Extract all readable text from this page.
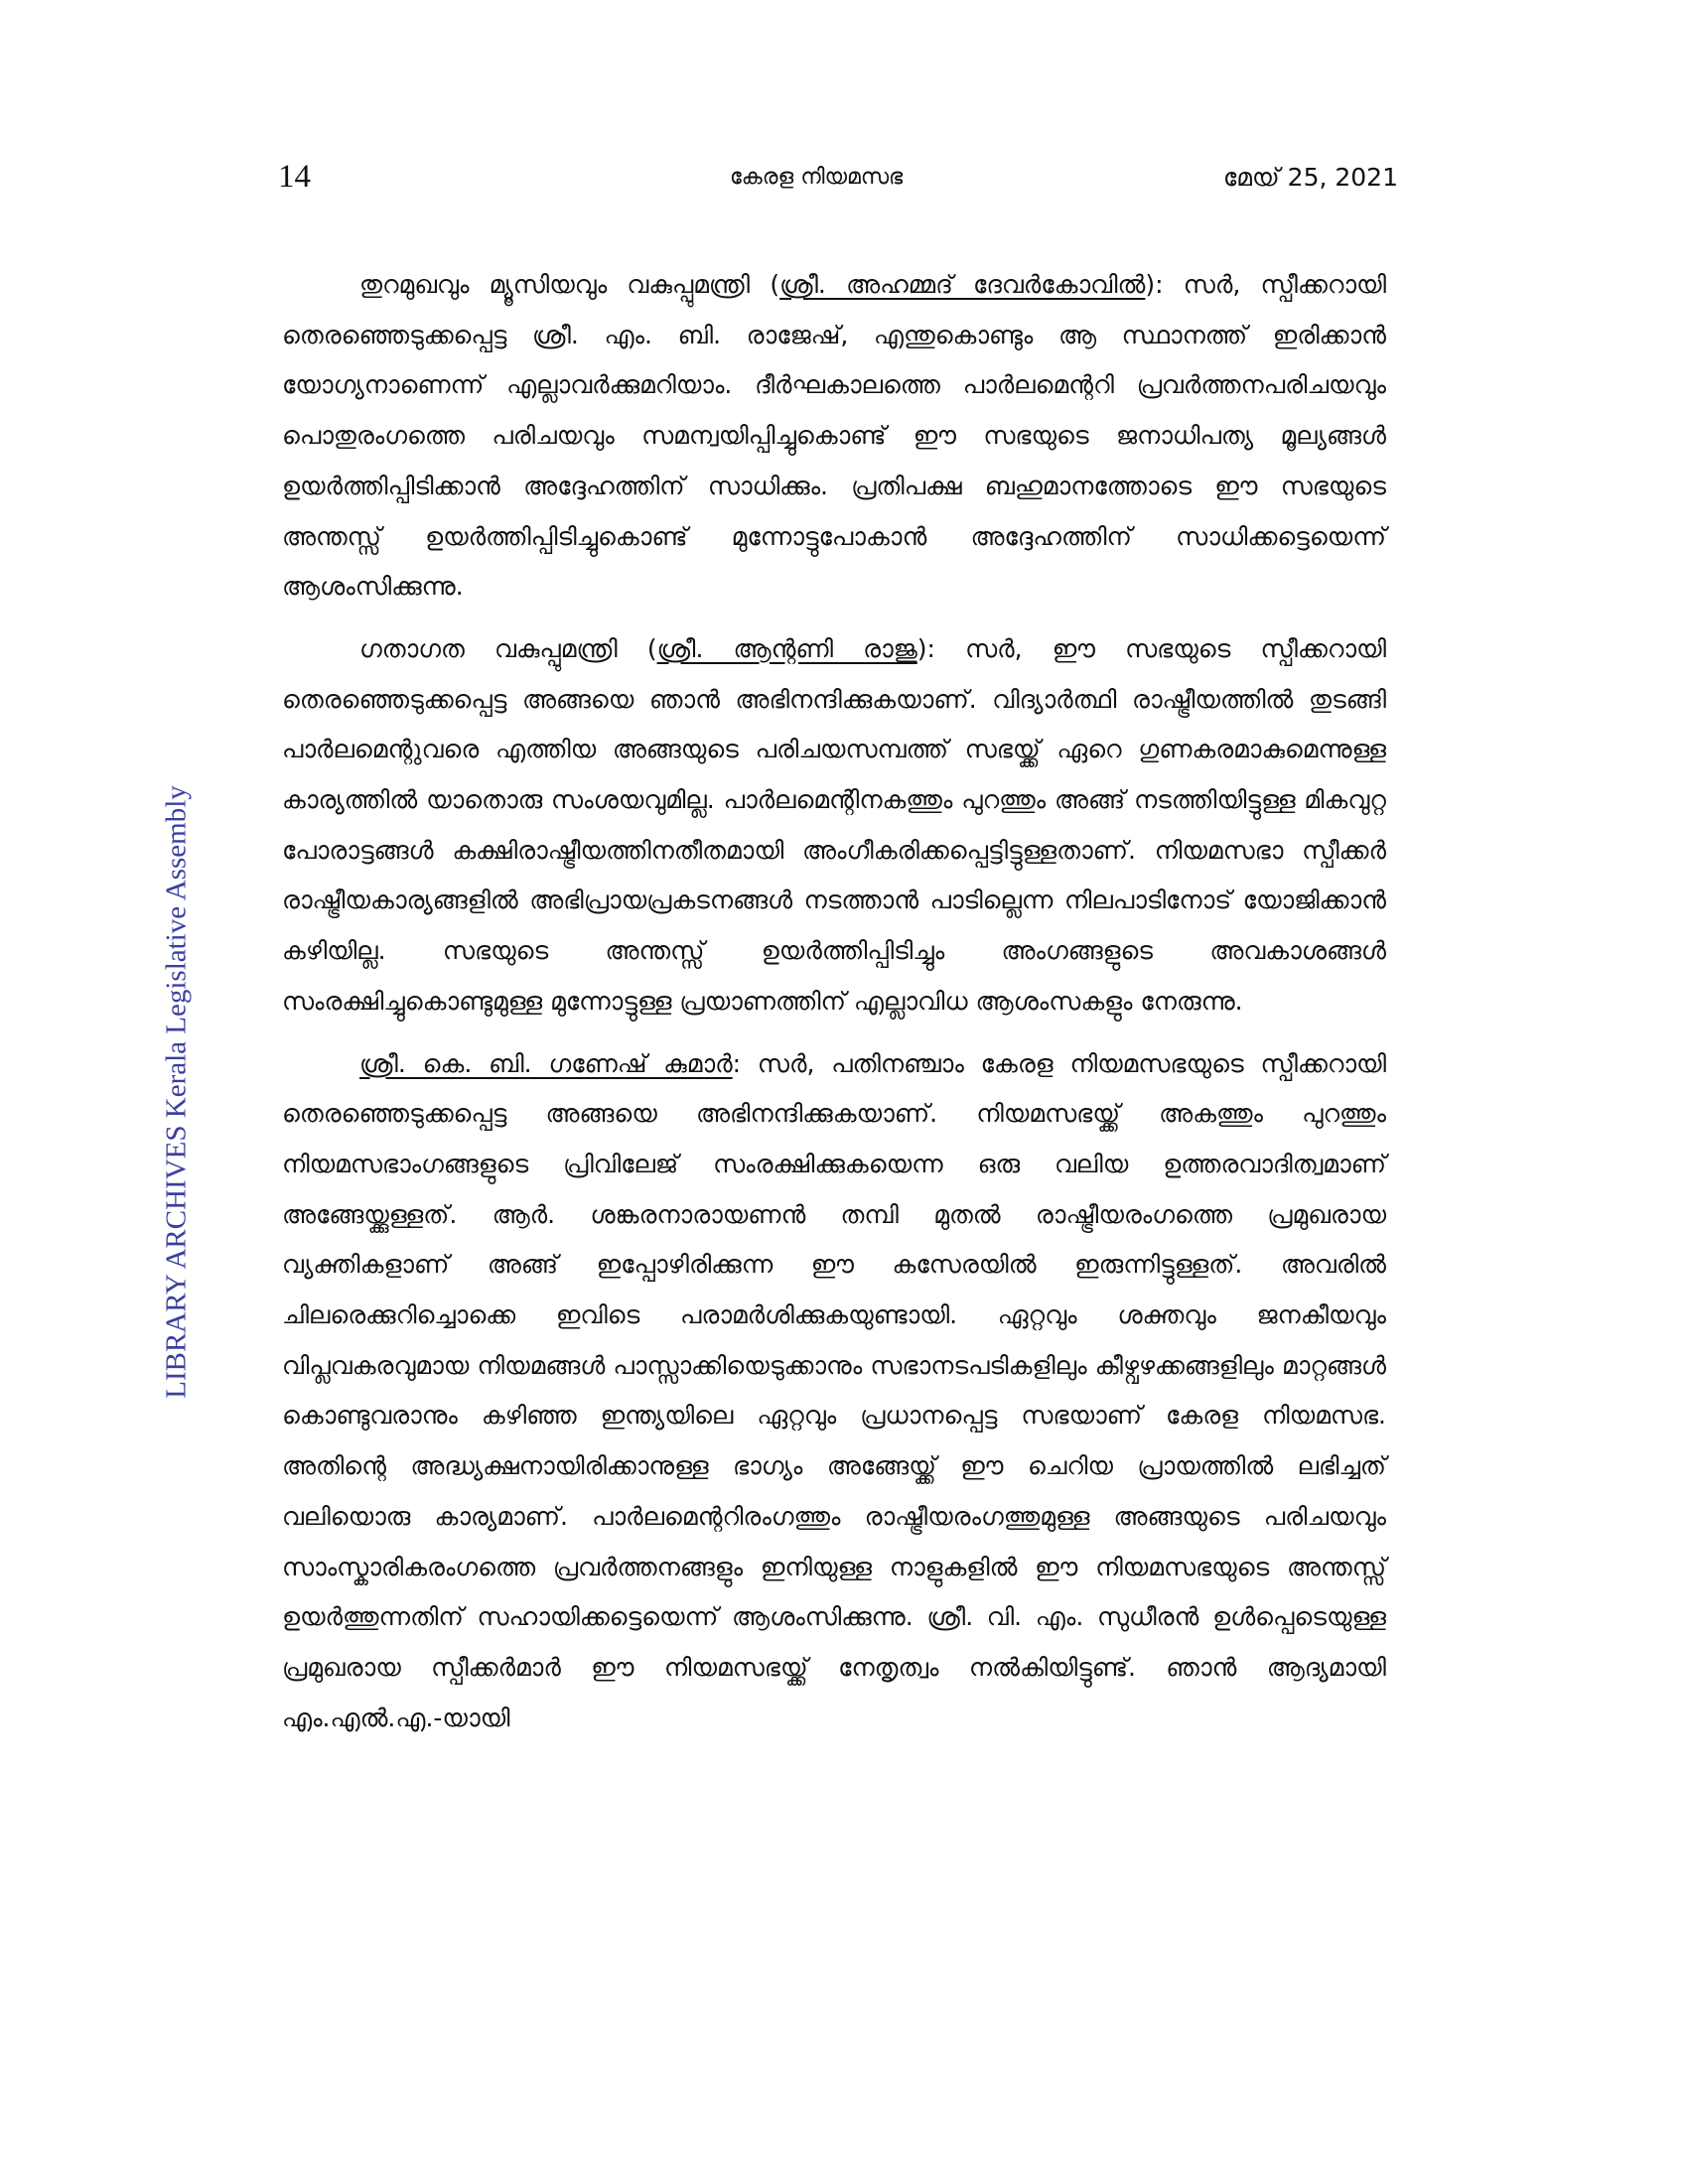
14	കേരള നിയമസഭ	മേയ് 25, 2021
LIBRARY ARCHIVES Kerala Legislative Assembly

തുറമുഖവും മ്യൂസിയവും വകുപ്പുമന്ത്രി (ശ്രീ. അഹമ്മദ് ദേവർകോവിൽ): സർ, സ്പീക്കറായി തെരഞ്ഞെടുക്കപ്പെട്ട ശ്രീ. എം. ബി. രാജേഷ്, എന്തുകൊണ്ടും ആ സ്ഥാനത്ത് ഇരിക്കാൻ യോഗ്യനാണെന്ന് എല്ലാവർക്കുമറിയാം. ദീർഘകാലത്തെ പാർലമെന്ററി പ്രവർത്തനപരിചയവും പൊതുരംഗത്തെ പരിചയവും സമന്വയിപ്പിച്ചുകൊണ്ട് ഈ സഭയുടെ ജനാധിപത്യ മൂല്യങ്ങൾ ഉയർത്തിപ്പിടിക്കാൻ അദ്ദേഹത്തിന് സാധിക്കും. പ്രതിപക്ഷ ബഹുമാനത്തോടെ ഈ സഭയുടെ അന്തസ്സ് ഉയർത്തിപ്പിടിച്ചുകൊണ്ട് മുന്നോട്ടുപോകാൻ അദ്ദേഹത്തിന് സാധിക്കട്ടെയെന്ന് ആശംസിക്കുന്നു.

ഗതാഗത വകുപ്പുമന്ത്രി (ശ്രീ. ആന്റണി രാജു): സർ, ഈ സഭയുടെ സ്പീക്കറായി തെരഞ്ഞെടുക്കപ്പെട്ട അങ്ങയെ ഞാൻ അഭിനന്ദിക്കുകയാണ്. വിദ്യാർത്ഥി രാഷ്ട്രീയത്തിൽ തുടങ്ങി പാർലമെന്റുവരെ എത്തിയ അങ്ങയുടെ പരിചയസമ്പത്ത് സഭയ്ക്ക് ഏറെ ഗുണകരമാകുമെന്നുള്ള കാര്യത്തിൽ യാതൊരു സംശയവുമില്ല. പാർലമെന്റിനകത്തും പുറത്തും അങ്ങ് നടത്തിയിട്ടുള്ള മികവുറ്റ പോരാട്ടങ്ങൾ കക്ഷിരാഷ്ട്രീയത്തിനതീതമായി അംഗീകരിക്കപ്പെട്ടിട്ടുള്ളതാണ്. നിയമസഭാ സ്പീക്കർ രാഷ്ട്രീയകാര്യങ്ങളിൽ അഭിപ്രായപ്രകടനങ്ങൾ നടത്താൻ പാടില്ലെന്ന നിലപാടിനോട് യോജിക്കാൻ കഴിയില്ല. സഭയുടെ അന്തസ്സ് ഉയർത്തിപ്പിടിച്ചും അംഗങ്ങളുടെ അവകാശങ്ങൾ സംരക്ഷിച്ചുകൊണ്ടുമുള്ള മുന്നോട്ടുള്ള പ്രയാണത്തിന് എല്ലാവിധ ആശംസകളും നേരുന്നു.

ശ്രീ. കെ. ബി. ഗണേഷ് കുമാർ: സർ, പതിനഞ്ചാം കേരള നിയമസഭയുടെ സ്പീക്കറായി തെരഞ്ഞെടുക്കപ്പെട്ട അങ്ങയെ അഭിനന്ദിക്കുകയാണ്. നിയമസഭയ്ക്ക് അകത്തും പുറത്തും നിയമസഭാംഗങ്ങളുടെ പ്രിവിലേജ് സംരക്ഷിക്കുകയെന്ന ഒരു വലിയ ഉത്തരവാദിത്വമാണ് അങ്ങേയ്ക്കുള്ളത്. ആർ. ശങ്കരനാരായണൻ തമ്പി മുതൽ രാഷ്ട്രീയരംഗത്തെ പ്രമുഖരായ വ്യക്തികളാണ് അങ്ങ് ഇപ്പോഴിരിക്കുന്ന ഈ കസേരയിൽ ഇരുന്നിട്ടുള്ളത്. അവരിൽ ചിലരെക്കുറിച്ചൊക്കെ ഇവിടെ പരാമർശിക്കുകയുണ്ടായി. ഏറ്റവും ശക്തവും ജനകീയവും വിപ്ലവകരവുമായ നിയമങ്ങൾ പാസ്സാക്കിയെടുക്കാനും സഭാനടപടികളിലും കീഴ്വഴക്കങ്ങളിലും മാറ്റങ്ങൾ കൊണ്ടുവരാനും കഴിഞ്ഞ ഇന്ത്യയിലെ ഏറ്റവും പ്രധാനപ്പെട്ട സഭയാണ് കേരള നിയമസഭ. അതിന്റെ അദ്ധ്യക്ഷനായിരിക്കാനുള്ള ഭാഗ്യം അങ്ങേയ്ക്ക് ഈ ചെറിയ പ്രായത്തിൽ ലഭിച്ചത് വലിയൊരു കാര്യമാണ്. പാർലമെന്ററിരംഗത്തും രാഷ്ട്രീയരംഗത്തുമുള്ള അങ്ങയുടെ പരിചയവും സാംസ്കാരികരംഗത്തെ പ്രവർത്തനങ്ങളും ഇനിയുള്ള നാളുകളിൽ ഈ നിയമസഭയുടെ അന്തസ്സ് ഉയർത്തുന്നതിന് സഹായിക്കട്ടെയെന്ന് ആശംസിക്കുന്നു. ശ്രീ. വി. എം. സുധീരൻ ഉൾപ്പെടെയുള്ള പ്രമുഖരായ സ്പീക്കർമാർ ഈ നിയമസഭയ്ക്ക് നേതൃത്വം നൽകിയിട്ടുണ്ട്. ഞാൻ ആദ്യമായി എം.എൽ.എ.-യായി
